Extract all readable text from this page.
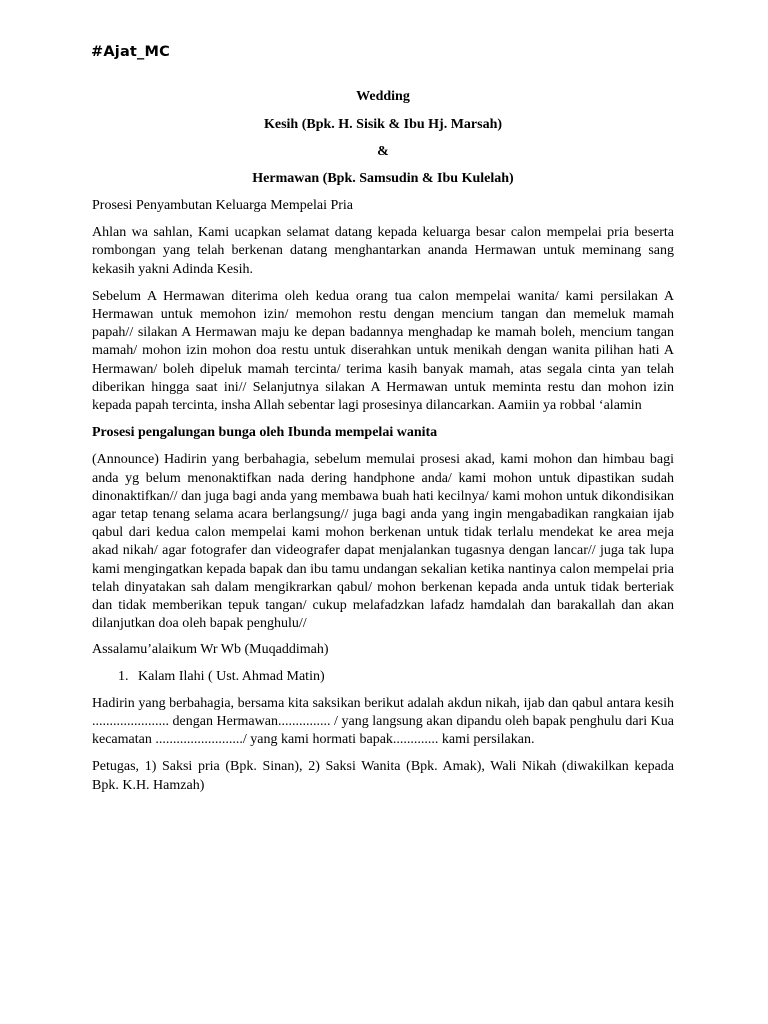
#Ajat_MC
Wedding
Kesih (Bpk. H. Sisik & Ibu Hj. Marsah)
&
Hermawan (Bpk. Samsudin & Ibu Kulelah)

Prosesi Penyambutan Keluarga Mempelai Pria

Ahlan wa sahlan, Kami ucapkan selamat datang kepada keluarga besar calon mempelai pria beserta rombongan yang telah berkenan datang menghantarkan ananda Hermawan untuk meminang sang kekasih yakni Adinda Kesih.

Sebelum A Hermawan diterima oleh kedua orang tua calon mempelai wanita/ kami persilakan A Hermawan untuk memohon izin/ memohon restu dengan mencium tangan dan memeluk mamah papah// silakan A Hermawan maju ke depan badannya menghadap ke mamah boleh, mencium tangan mamah/ mohon izin mohon doa restu untuk diserahkan untuk menikah dengan wanita pilihan hati A Hermawan/ boleh dipeluk mamah tercinta/ terima kasih banyak mamah, atas segala cinta yan telah diberikan hingga saat ini// Selanjutnya silakan A Hermawan untuk meminta restu dan mohon izin kepada papah tercinta, insha Allah sebentar lagi prosesinya dilancarkan. Aamiin ya robbal ‘alamin

Prosesi pengalungan bunga oleh Ibunda mempelai wanita

(Announce) Hadirin yang berbahagia, sebelum memulai prosesi akad, kami mohon dan himbau bagi anda yg belum menonaktifkan nada dering handphone anda/ kami mohon untuk dipastikan sudah dinonaktifkan// dan juga bagi anda yang membawa buah hati kecilnya/ kami mohon untuk dikondisikan agar tetap tenang selama acara berlangsung// juga bagi anda yang ingin mengabadikan rangkaian ijab qabul dari kedua calon mempelai kami mohon berkenan untuk tidak terlalu mendekat ke area meja akad nikah/ agar fotografer dan videografer dapat menjalankan tugasnya dengan lancar// juga tak lupa kami mengingatkan kepada bapak dan ibu tamu undangan sekalian ketika nantinya calon mempelai pria telah dinyatakan sah dalam mengikrarkan qabul/ mohon berkenan kepada anda untuk tidak berteriak dan tidak memberikan tepuk tangan/ cukup melafadzkan lafadz hamdalah dan barakallah dan akan dilanjutkan doa oleh bapak penghulu//

Assalamu’alaikum Wr Wb (Muqaddimah)

1. Kalam Ilahi ( Ust. Ahmad Matin)

Hadirin yang berbahagia, bersama kita saksikan berikut adalah akdun nikah, ijab dan qabul antara kesih ...................... dengan Hermawan............... / yang langsung akan dipandu oleh bapak penghulu dari Kua kecamatan ........................./ yang kami hormati bapak............. kami persilakan.

Petugas, 1) Saksi pria (Bpk. Sinan), 2) Saksi Wanita (Bpk. Amak), Wali Nikah (diwakilkan kepada Bpk. K.H. Hamzah)
